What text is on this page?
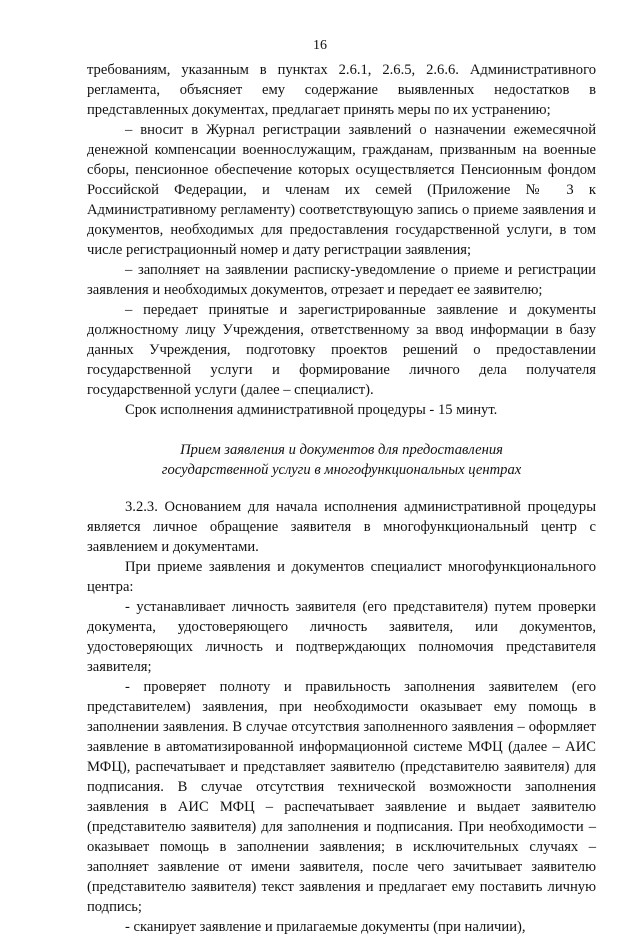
16

требованиям, указанным в пунктах 2.6.1, 2.6.5, 2.6.6. Административного регламента, объясняет ему содержание выявленных недостатков в представленных документах, предлагает принять меры по их устранению;

– вносит в Журнал регистрации заявлений о назначении ежемесячной денежной компенсации военнослужащим, гражданам, призванным на военные сборы, пенсионное обеспечение которых осуществляется Пенсионным фондом Российской Федерации, и членам их семей (Приложение № 3 к Административному регламенту) соответствующую запись о приеме заявления и документов, необходимых для предоставления государственной услуги, в том числе регистрационный номер и дату регистрации заявления;

– заполняет на заявлении расписку-уведомление о приеме и регистрации заявления и необходимых документов, отрезает и передает ее заявителю;

– передает принятые и зарегистрированные заявление и документы должностному лицу Учреждения, ответственному за ввод информации в базу данных Учреждения, подготовку проектов решений о предоставлении государственной услуги и формирование личного дела получателя государственной услуги (далее – специалист).

Срок исполнения административной процедуры - 15 минут.

Прием заявления и документов для предоставления
государственной услуги в многофункциональных центрах

3.2.3. Основанием для начала исполнения административной процедуры является личное обращение заявителя в многофункциональный центр с заявлением и документами.

При приеме заявления и документов специалист многофункционального центра:

- устанавливает личность заявителя (его представителя) путем проверки документа, удостоверяющего личность заявителя, или документов, удостоверяющих личность и подтверждающих полномочия представителя заявителя;

- проверяет полноту и правильность заполнения заявителем (его представителем) заявления, при необходимости оказывает ему помощь в заполнении заявления. В случае отсутствия заполненного заявления – оформляет заявление в автоматизированной информационной системе МФЦ (далее – АИС МФЦ), распечатывает и представляет заявителю (представителю заявителя) для подписания. В случае отсутствия технической возможности заполнения заявления в АИС МФЦ – распечатывает заявление и выдает заявителю (представителю заявителя) для заполнения и подписания. При необходимости – оказывает помощь в заполнении заявления; в исключительных случаях – заполняет заявление от имени заявителя, после чего зачитывает заявителю (представителю заявителя) текст заявления и предлагает ему поставить личную подпись;

- сканирует заявление и прилагаемые документы (при наличии),
